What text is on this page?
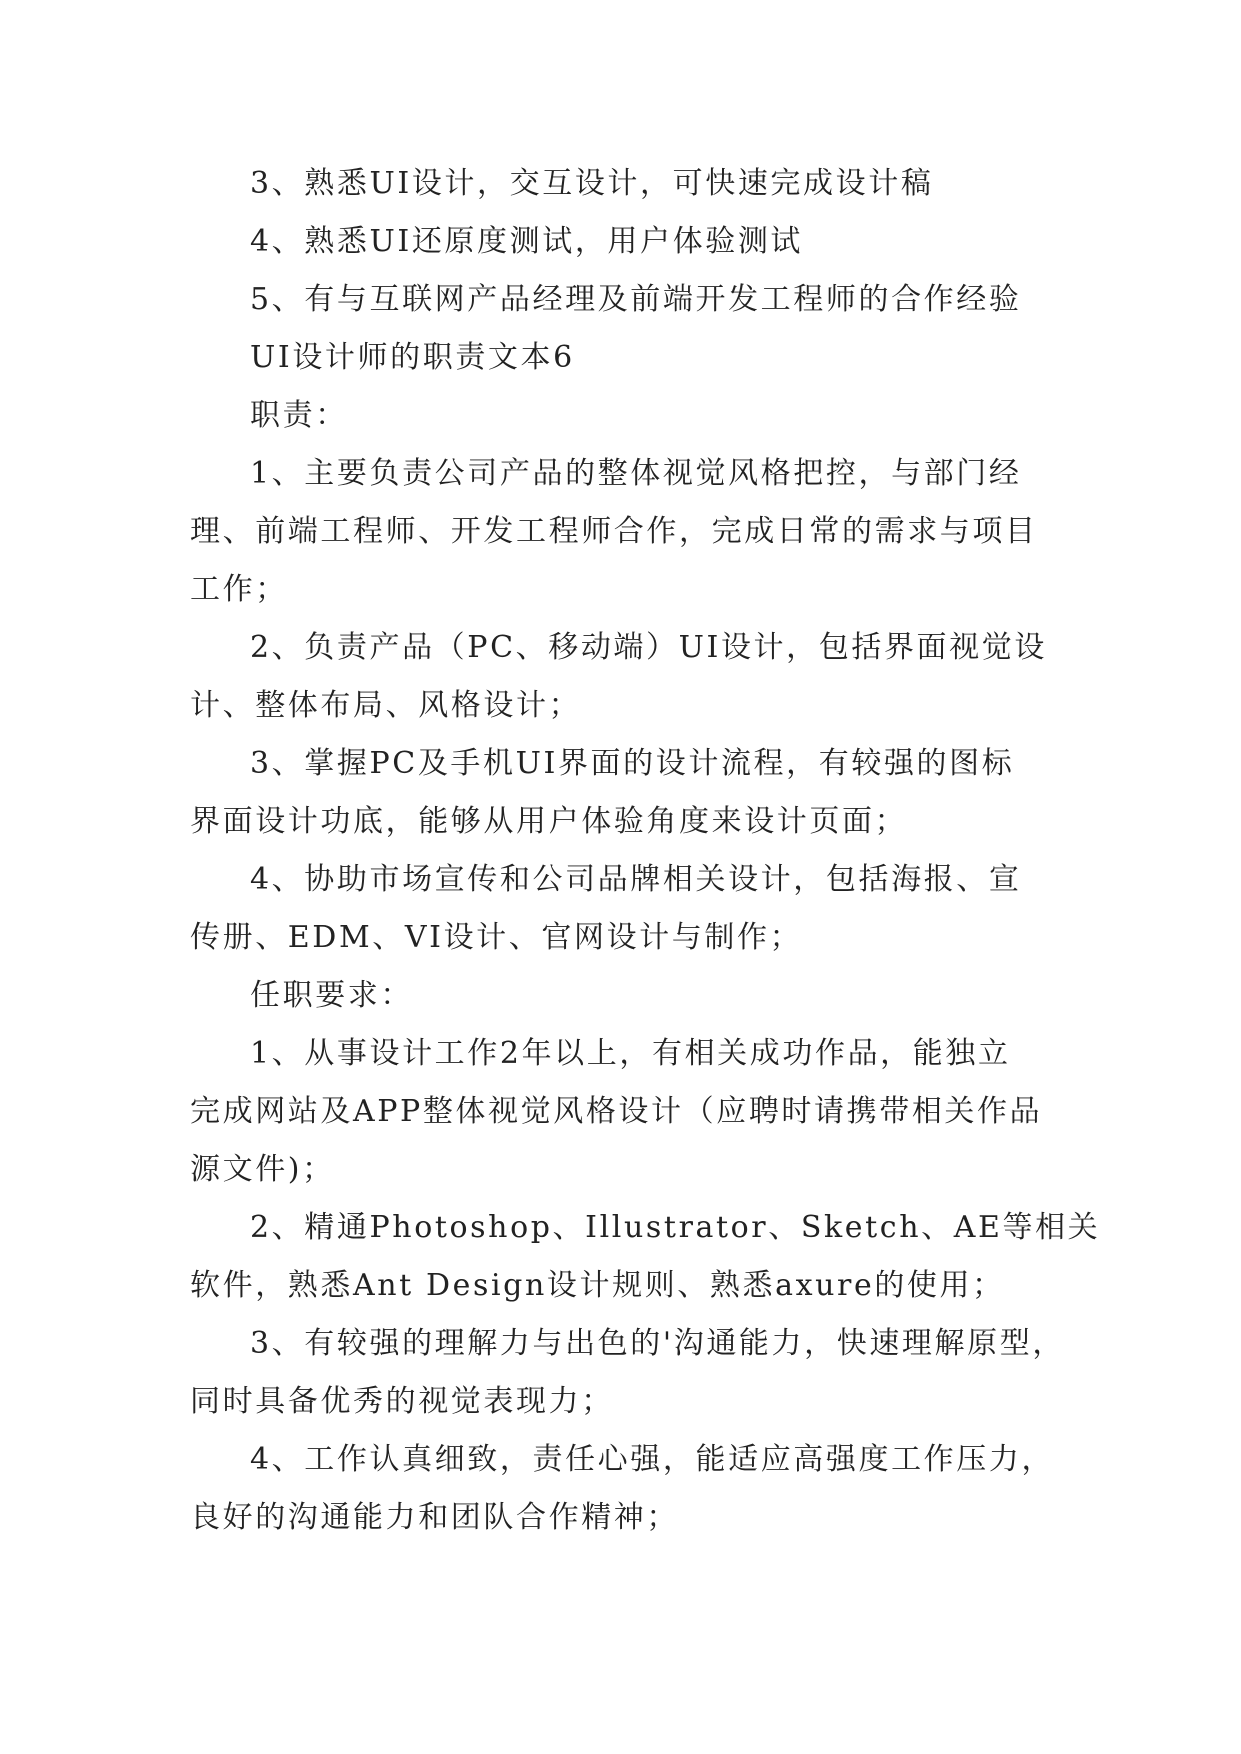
3、熟悉UI设计，交互设计，可快速完成设计稿
4、熟悉UI还原度测试，用户体验测试
5、有与互联网产品经理及前端开发工程师的合作经验
UI设计师的职责文本6
职责：
1、主要负责公司产品的整体视觉风格把控，与部门经
理、前端工程师、开发工程师合作，完成日常的需求与项目
工作；
2、负责产品（PC、移动端）UI设计，包括界面视觉设
计、整体布局、风格设计；
3、掌握PC及手机UI界面的设计流程，有较强的图标
界面设计功底，能够从用户体验角度来设计页面；
4、协助市场宣传和公司品牌相关设计，包括海报、宣
传册、EDM、VI设计、官网设计与制作；
任职要求：
1、从事设计工作2年以上，有相关成功作品，能独立
完成网站及APP整体视觉风格设计（应聘时请携带相关作品
源文件)；
2、精通Photoshop、Illustrator、Sketch、AE等相关
软件，熟悉Ant Design设计规则、熟悉axure的使用；
3、有较强的理解力与出色的'沟通能力，快速理解原型，
同时具备优秀的视觉表现力；
4、工作认真细致，责任心强，能适应高强度工作压力，
良好的沟通能力和团队合作精神；
